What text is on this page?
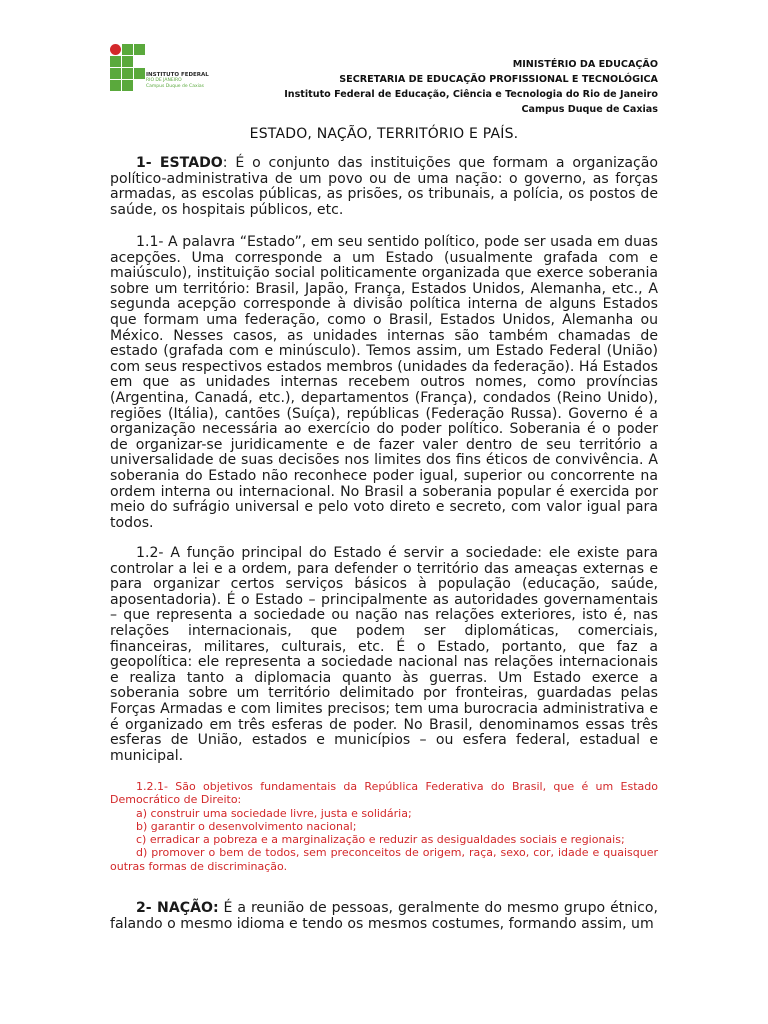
INSTITUTO FEDERAL
RIO DE JANEIRO
Campus Duque de Caxias
MINISTÉRIO DA EDUCAÇÃO
SECRETARIA DE EDUCAÇÃO PROFISSIONAL E TECNOLÓGICA
Instituto Federal de Educação, Ciência e Tecnologia do Rio de Janeiro
Campus Duque de Caxias
ESTADO, NAÇÃO, TERRITÓRIO E PAÍS.

1- ESTADO: É o conjunto das instituições que formam a organização político-administrativa de um povo ou de uma nação: o governo, as forças armadas, as escolas públicas, as prisões, os tribunais, a polícia, os postos de saúde, os hospitais públicos, etc.

1.1- A palavra “Estado”, em seu sentido político, pode ser usada em duas acepções. Uma corresponde a um Estado (usualmente grafada com e maiúsculo), instituição social politicamente organizada que exerce soberania sobre um território: Brasil, Japão, França, Estados Unidos, Alemanha, etc., A segunda acepção corresponde à divisão política interna de alguns Estados que formam uma federação, como o Brasil, Estados Unidos, Alemanha ou México. Nesses casos, as unidades internas são também chamadas de estado (grafada com e minúsculo). Temos assim, um Estado Federal (União) com seus respectivos estados membros (unidades da federação). Há Estados em que as unidades internas recebem outros nomes, como províncias (Argentina, Canadá, etc.), departamentos (França), condados (Reino Unido), regiões (Itália), cantões (Suíça), repúblicas (Federação Russa). Governo é a organização necessária ao exercício do poder político. Soberania é o poder de organizar-se juridicamente e de fazer valer dentro de seu território a universalidade de suas decisões nos limites dos fins éticos de convivência. A soberania do Estado não reconhece poder igual, superior ou concorrente na ordem interna ou internacional. No Brasil a soberania popular é exercida por meio do sufrágio universal e pelo voto direto e secreto, com valor igual para todos.

1.2- A função principal do Estado é servir a sociedade: ele existe para controlar a lei e a ordem, para defender o território das ameaças externas e para organizar certos serviços básicos à população (educação, saúde, aposentadoria). É o Estado – principalmente as autoridades governamentais – que representa a sociedade ou nação nas relações exteriores, isto é, nas relações internacionais, que podem ser diplomáticas, comerciais, financeiras, militares, culturais, etc. É o Estado, portanto, que faz a geopolítica: ele representa a sociedade nacional nas relações internacionais e realiza tanto a diplomacia quanto às guerras. Um Estado exerce a soberania sobre um território delimitado por fronteiras, guardadas pelas Forças Armadas e com limites precisos; tem uma burocracia administrativa e é organizado em três esferas de poder. No Brasil, denominamos essas três esferas de União, estados e municípios – ou esfera federal, estadual e municipal.

1.2.1- São objetivos fundamentais da República Federativa do Brasil, que é um Estado Democrático de Direito:

a) construir uma sociedade livre, justa e solidária;

b) garantir o desenvolvimento nacional;

c) erradicar a pobreza e a marginalização e reduzir as desigualdades sociais e regionais;

d) promover o bem de todos, sem preconceitos de origem, raça, sexo, cor, idade e quaisquer outras formas de discriminação.

2- NAÇÃO: É a reunião de pessoas, geralmente do mesmo grupo étnico, falando o mesmo idioma e tendo os mesmos costumes, formando assim, um
